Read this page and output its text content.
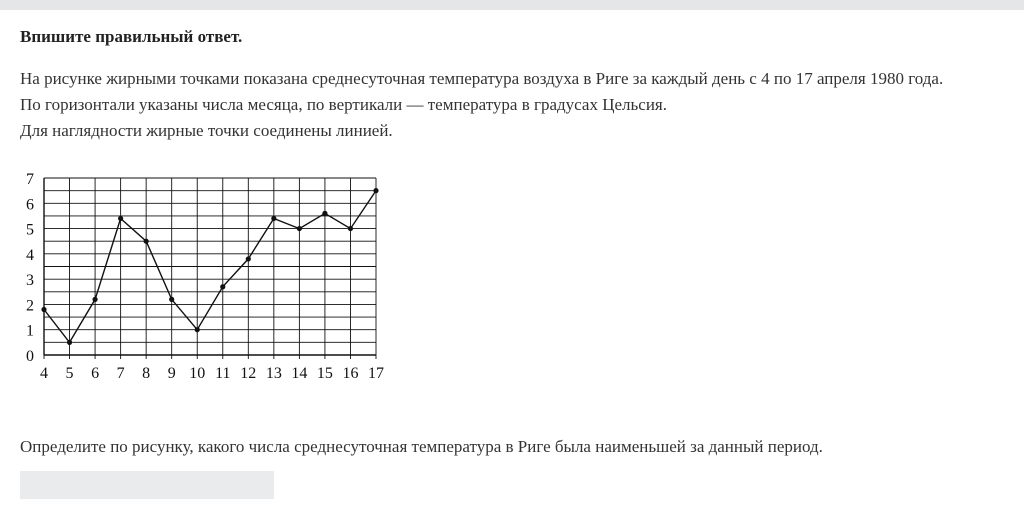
Впишите правильный ответ.

На рисунке жирными точками показана среднесуточная температура воздуха в Риге за каждый день с 4 по 17 апреля 1980 года.
По горизонтали указаны числа месяца, по вертикали — температура в градусах Цельсия.
Для наглядности жирные точки соединены линией.
0
1
2
3
4
5
6
7
4 5 6 7 8 9 10 11 12 13 14 15 16 17

Определите по рисунку, какого числа среднесуточная температура в Риге была наименьшей за данный период.
